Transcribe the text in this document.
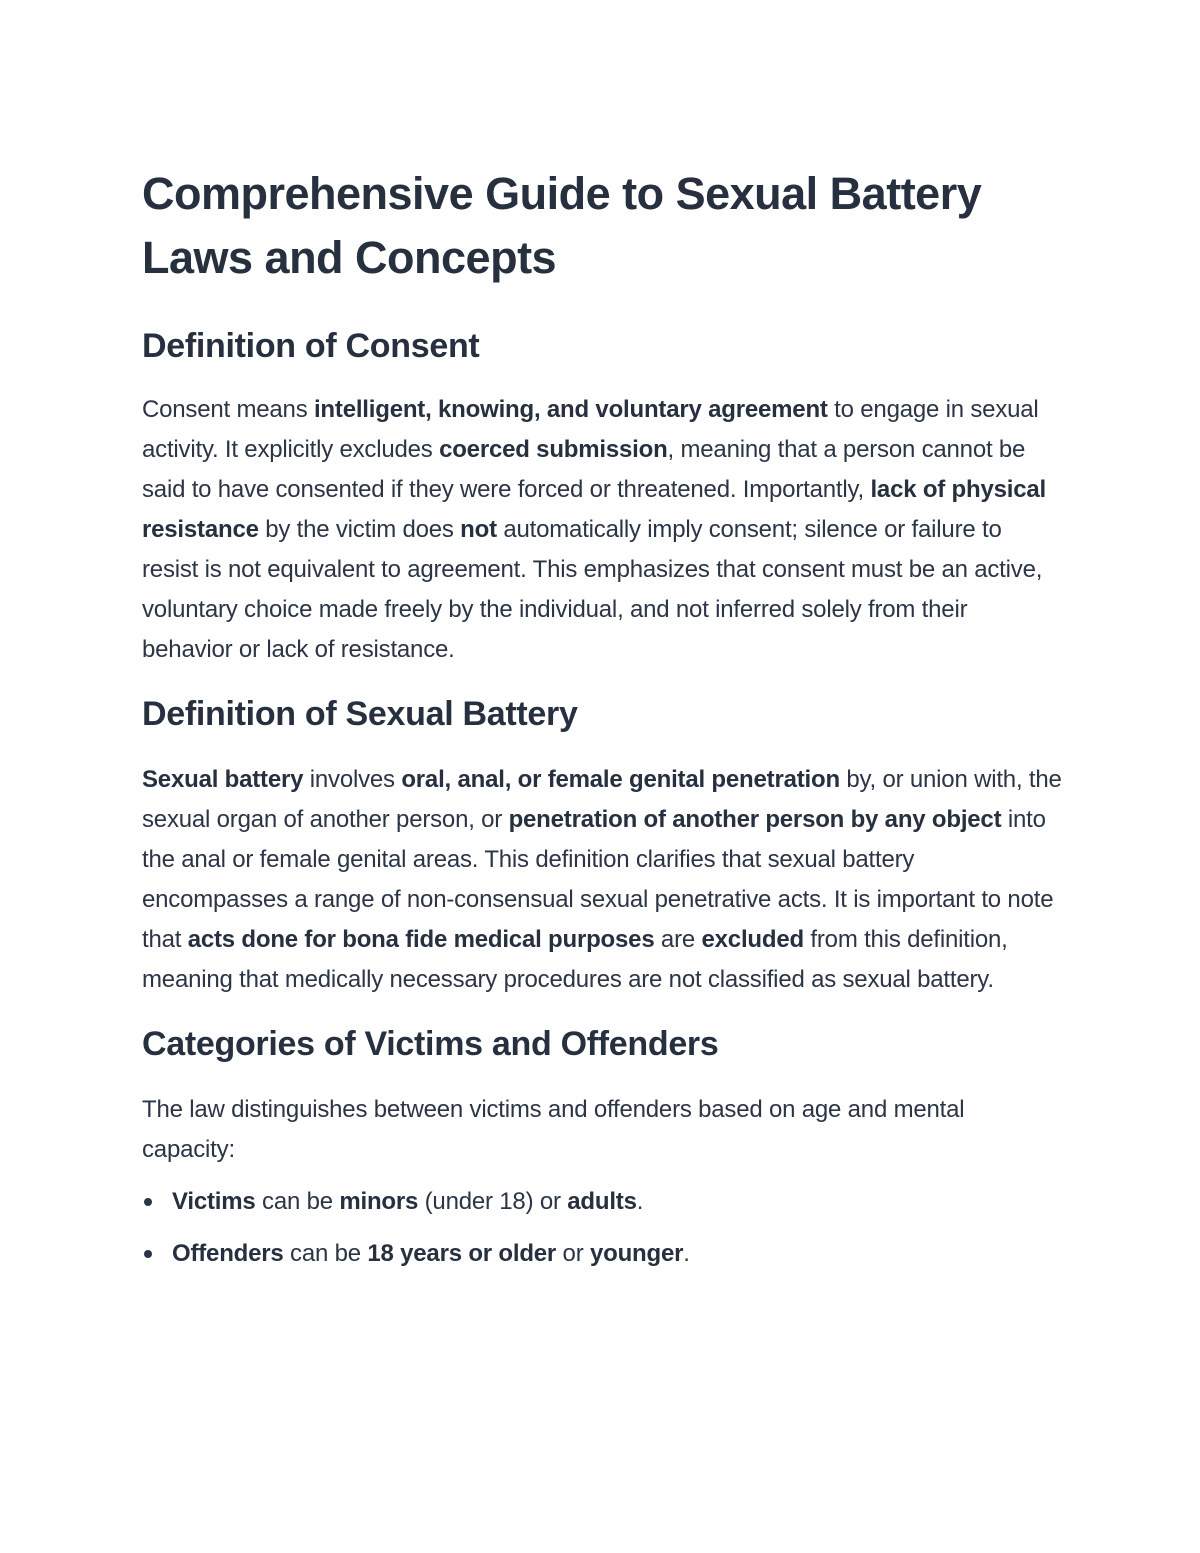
Comprehensive Guide to Sexual Battery Laws and Concepts
Definition of Consent

Consent means intelligent, knowing, and voluntary agreement to engage in sexual activity. It explicitly excludes coerced submission, meaning that a person cannot be said to have consented if they were forced or threatened. Importantly, lack of physical resistance by the victim does not automatically imply consent; silence or failure to resist is not equivalent to agreement. This emphasizes that consent must be an active, voluntary choice made freely by the individual, and not inferred solely from their behavior or lack of resistance.

Definition of Sexual Battery

Sexual battery involves oral, anal, or female genital penetration by, or union with, the sexual organ of another person, or penetration of another person by any object into the anal or female genital areas. This definition clarifies that sexual battery encompasses a range of non-consensual sexual penetrative acts. It is important to note that acts done for bona fide medical purposes are excluded from this definition, meaning that medically necessary procedures are not classified as sexual battery.

Categories of Victims and Offenders

The law distinguishes between victims and offenders based on age and mental capacity:

Victims can be minors (under 18) or adults.
Offenders can be 18 years or older or younger.
